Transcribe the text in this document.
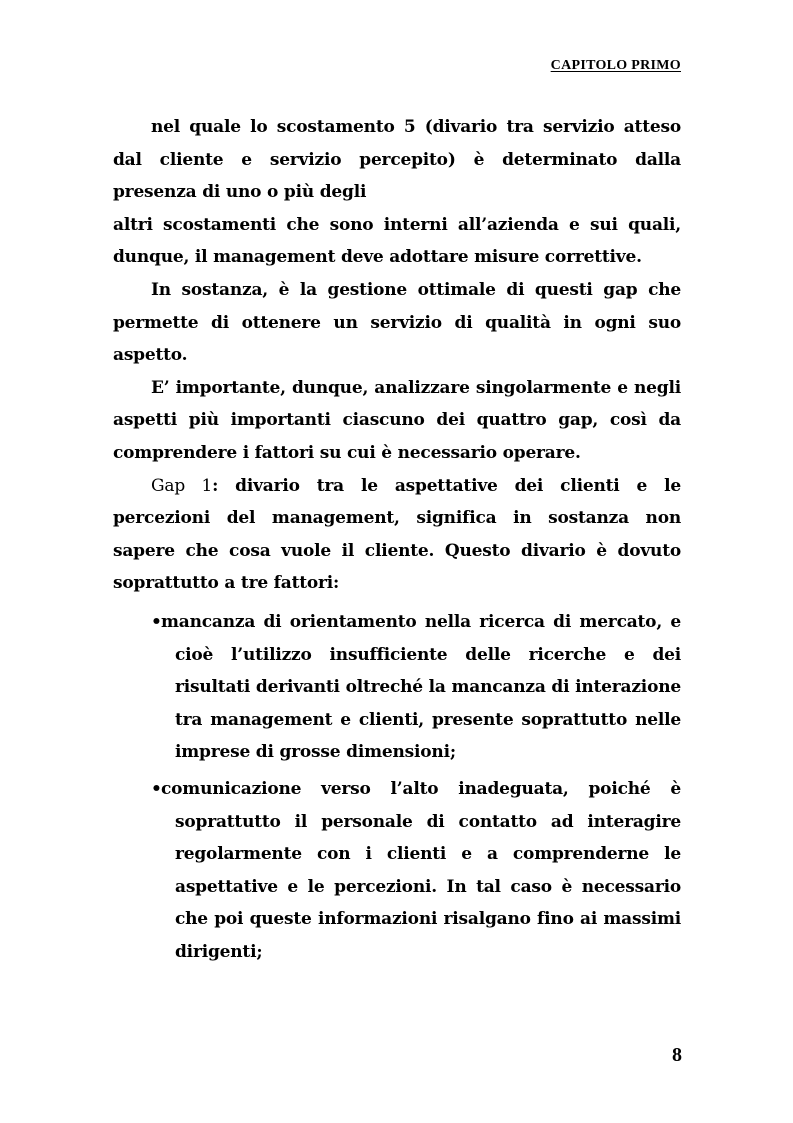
CAPITOLO PRIMO

nel quale lo scostamento 5 (divario tra servizio atteso dal cliente e servizio percepito) è determinato dalla presenza di uno o più degli

altri scostamenti che sono interni all’azienda e sui quali, dunque, il management deve adottare misure correttive.

In sostanza, è la gestione ottimale di questi gap che permette di ottenere un servizio di qualità in ogni suo aspetto.

E’ importante, dunque, analizzare singolarmente e negli aspetti più importanti ciascuno dei quattro gap, così da comprendere i fattori su cui è necessario operare.

Gap 1: divario tra le aspettative dei clienti e le percezioni del management, significa in sostanza non sapere che cosa vuole il cliente. Questo divario è dovuto soprattutto a tre fattori:

•mancanza di orientamento nella ricerca di mercato, e cioè l’utilizzo insufficiente delle ricerche e dei risultati derivanti oltreché la mancanza di interazione tra management e clienti, presente soprattutto nelle imprese di grosse dimensioni;
•comunicazione verso l’alto inadeguata, poiché è soprattutto il personale di contatto ad interagire regolarmente con i clienti e a comprenderne le aspettative e le percezioni. In tal caso è necessario che poi queste informazioni risalgano fino ai massimi dirigenti;
8
